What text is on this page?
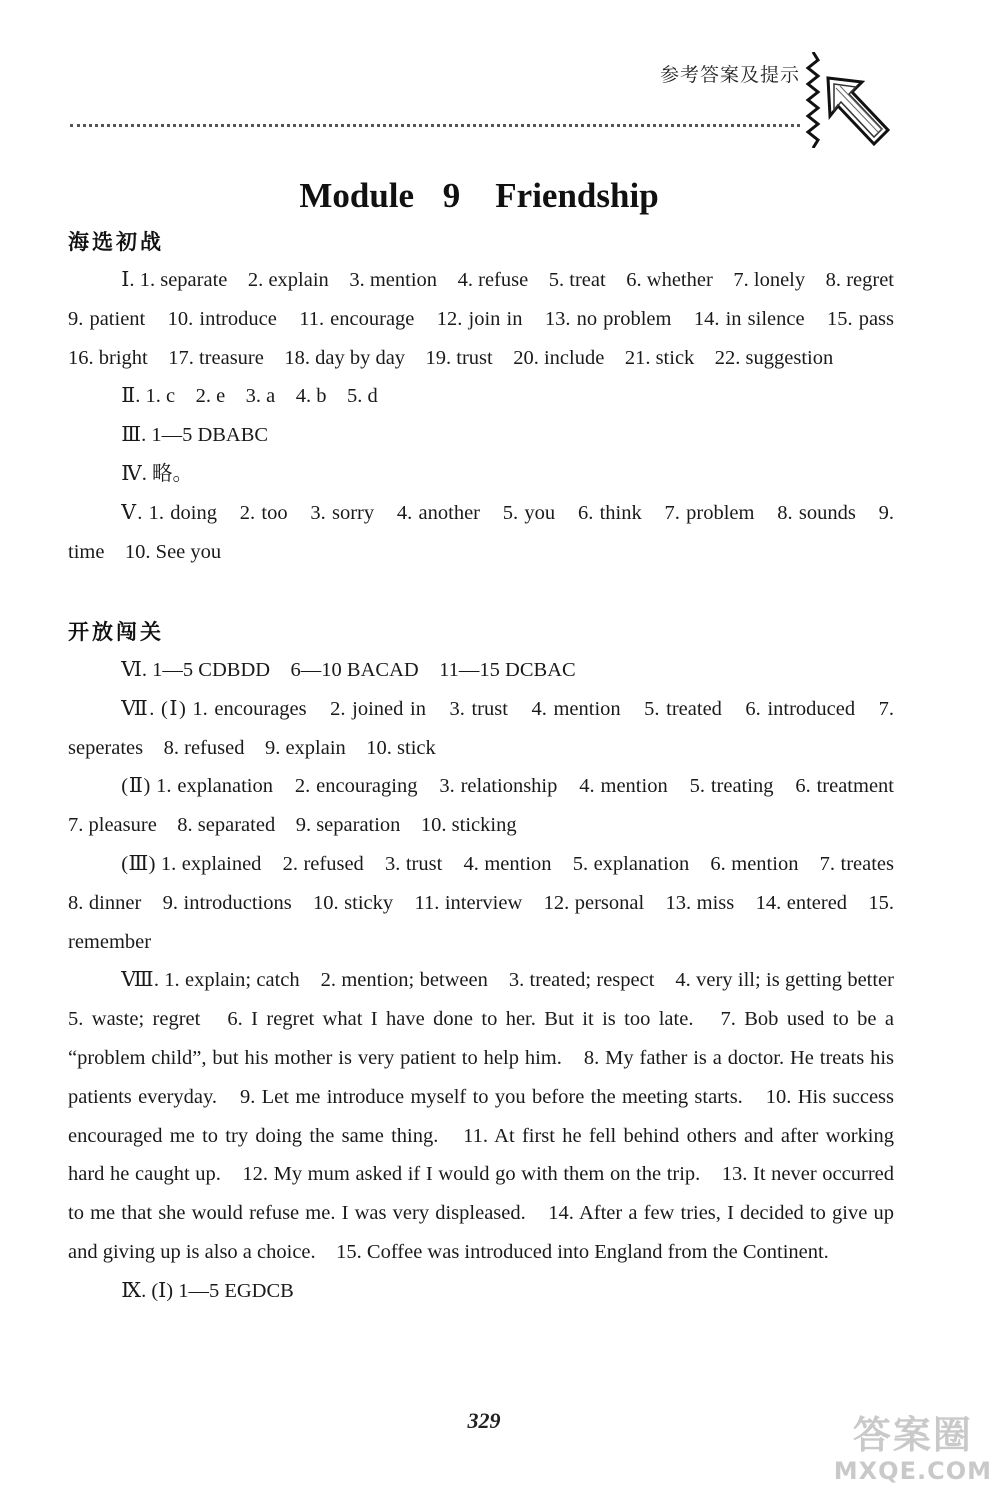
参考答案及提示
Module 9　Friendship
海选初战

Ⅰ. 1. separate　2. explain　3. mention　4. refuse　5. treat　6. whether　7. lonely　8. regret　9. patient　10. introduce　11. encourage　12. join in　13. no problem　14. in silence　15. pass　16. bright　17. treasure　18. day by day　19. trust　20. include　21. stick　22. suggestion

Ⅱ. 1. c　2. e　3. a　4. b　5. d

Ⅲ. 1—5 DBABC

Ⅳ. 略。

Ⅴ. 1. doing　2. too　3. sorry　4. another　5. you　6. think　7. problem　8. sounds　9. time　10. See you

开放闯关

Ⅵ. 1—5 CDBDD　6—10 BACAD　11—15 DCBAC

Ⅶ. (Ⅰ) 1. encourages　2. joined in　3. trust　4. mention　5. treated　6. introduced　7. seperates　8. refused　9. explain　10. stick

(Ⅱ) 1. explanation　2. encouraging　3. relationship　4. mention　5. treating　6. treatment　7. pleasure　8. separated　9. separation　10. sticking

(Ⅲ) 1. explained　2. refused　3. trust　4. mention　5. explanation　6. mention　7. treates　8. dinner　9. introductions　10. sticky　11. interview　12. personal　13. miss　14. entered　15. remember

Ⅷ. 1. explain; catch　2. mention; between　3. treated; respect　4. very ill; is getting better　5. waste; regret　6. I regret what I have done to her. But it is too late.　7. Bob used to be a “problem child”, but his mother is very patient to help him.　8. My father is a doctor. He treats his patients everyday.　9. Let me introduce myself to you before the meeting starts.　10. His success encouraged me to try doing the same thing.　11. At first he fell behind others and after working hard he caught up.　12. My mum asked if I would go with them on the trip.　13. It never occurred to me that she would refuse me. I was very displeased.　14. After a few tries, I decided to give up and giving up is also a choice.　15. Coffee was introduced into England from the Continent.

Ⅸ. (Ⅰ) 1—5 EGDCB

329	答案圈
MXQE.COM
